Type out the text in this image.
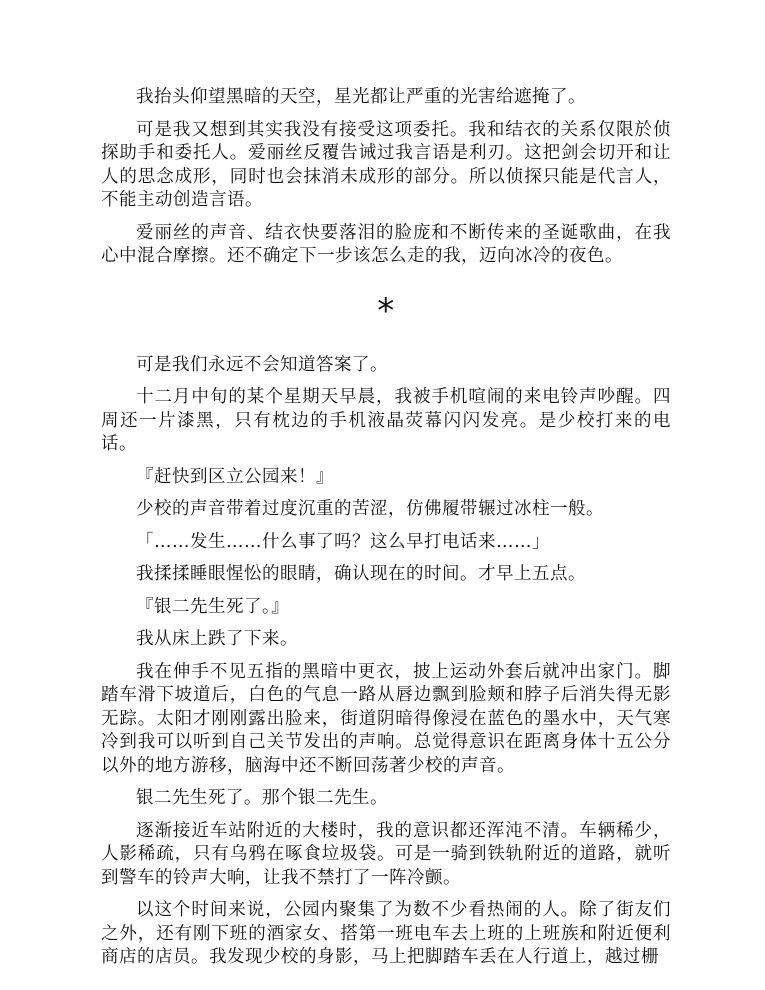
我抬头仰望黑暗的天空，星光都让严重的光害给遮掩了。

可是我又想到其实我没有接受这项委托。我和结衣的关系仅限於侦探助手和委托人。爱丽丝反覆告诫过我言语是利刃。这把剑会切开和让人的思念成形，同时也会抹消未成形的部分。所以侦探只能是代言人，不能主动创造言语。

爱丽丝的声音、结衣快要落泪的脸庞和不断传来的圣诞歌曲，在我心中混合摩擦。还不确定下一步该怎么走的我，迈向冰冷的夜色。

*

可是我们永远不会知道答案了。

十二月中旬的某个星期天早晨，我被手机喧闹的来电铃声吵醒。四周还一片漆黑，只有枕边的手机液晶荧幕闪闪发亮。是少校打来的电话。

『赶快到区立公园来！』

少校的声音带着过度沉重的苦涩，仿佛履带辗过冰柱一般。

「……发生……什么事了吗？这么早打电话来……」

我揉揉睡眼惺忪的眼睛，确认现在的时间。才早上五点。

『银二先生死了。』

我从床上跌了下来。

我在伸手不见五指的黑暗中更衣，披上运动外套后就冲出家门。脚踏车滑下坡道后，白色的气息一路从唇边飘到脸颊和脖子后消失得无影无踪。太阳才刚刚露出脸来，街道阴暗得像浸在蓝色的墨水中，天气寒冷到我可以听到自己关节发出的声响。总觉得意识在距离身体十五公分以外的地方游移，脑海中还不断回荡著少校的声音。

银二先生死了。那个银二先生。

逐渐接近车站附近的大楼时，我的意识都还浑沌不清。车辆稀少，人影稀疏，只有乌鸦在啄食垃圾袋。可是一骑到铁轨附近的道路，就听到警车的铃声大响，让我不禁打了一阵冷颤。

以这个时间来说，公园内聚集了为数不少看热闹的人。除了街友们之外，还有刚下班的酒家女、搭第一班电车去上班的上班族和附近便利商店的店员。我发现少校的身影，马上把脚踏车丢在人行道上，越过栅
